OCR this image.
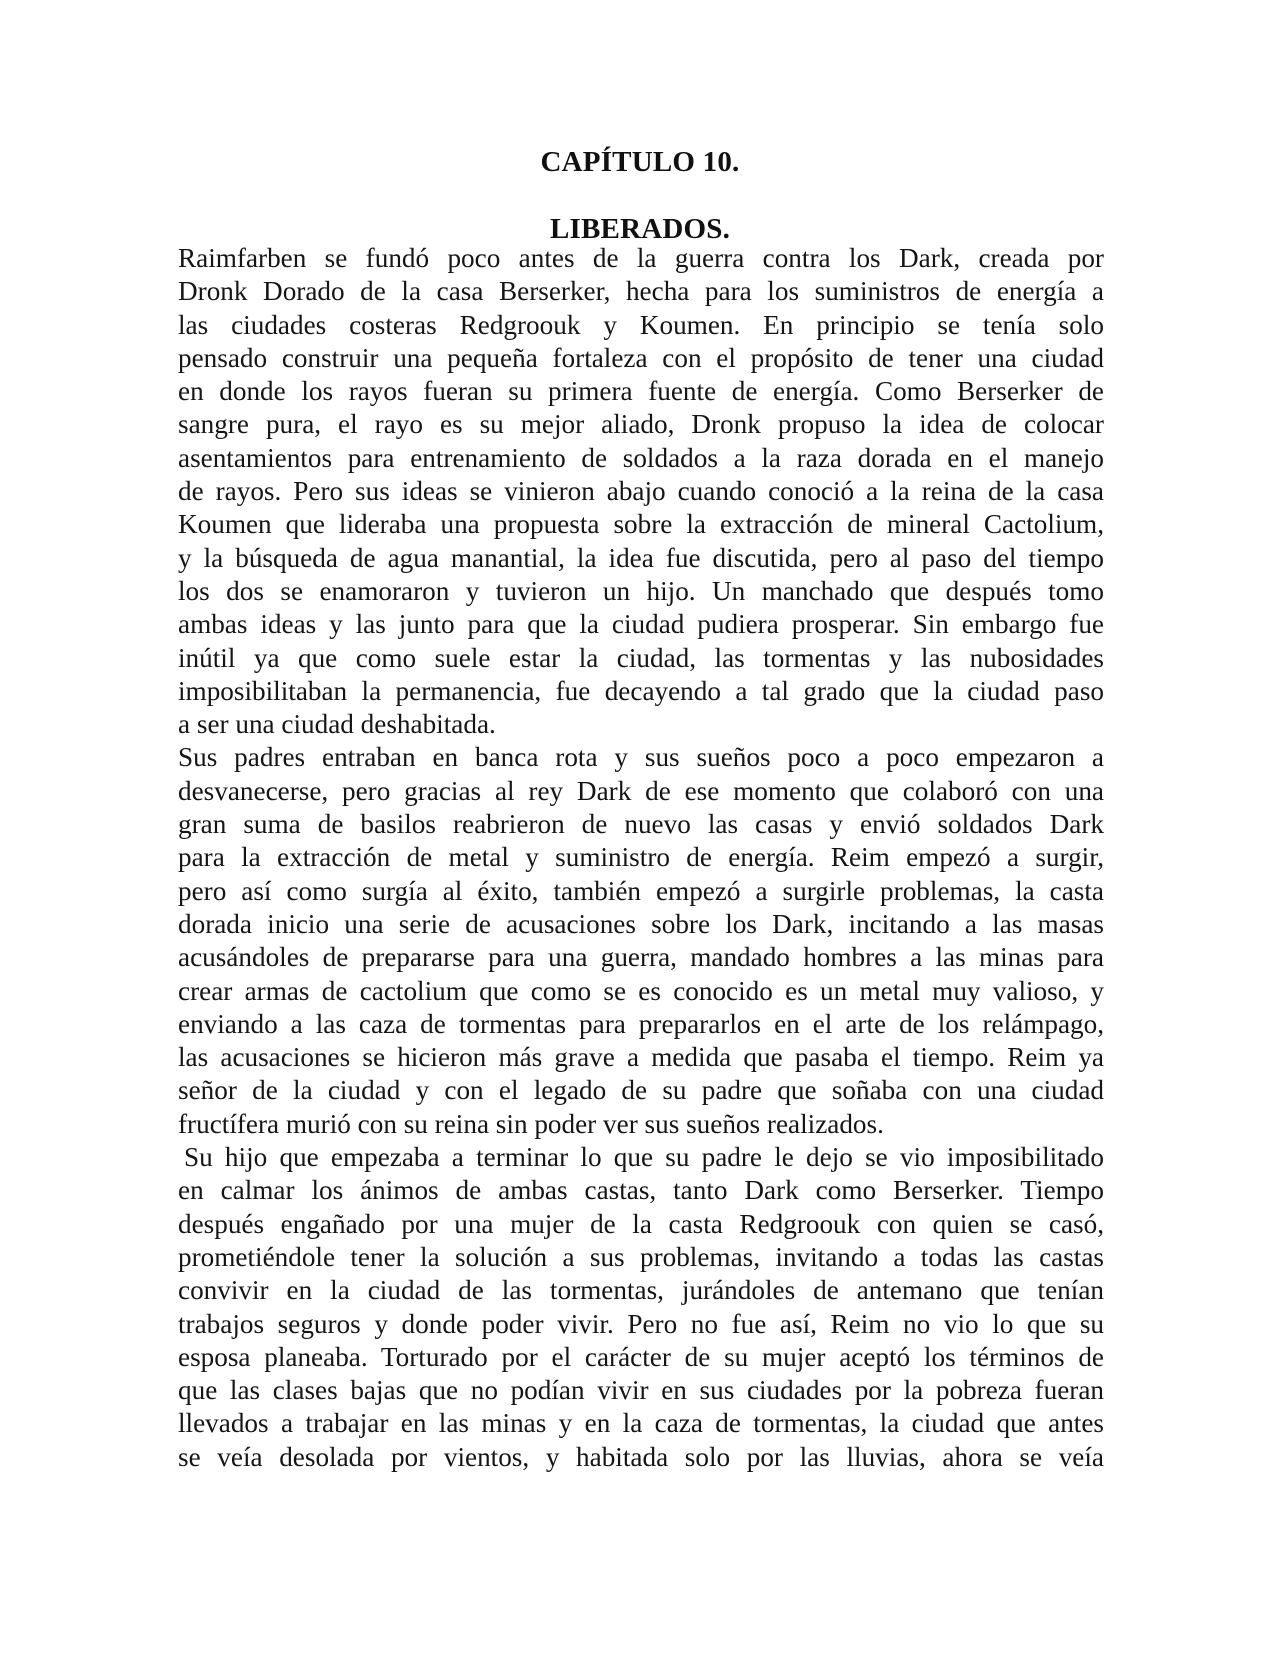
CAPÍTULO 10.
LIBERADOS.
Raimfarben se fundó poco antes de la guerra contra los Dark, creada por
Dronk Dorado de la casa Berserker, hecha para los suministros de energía a
las ciudades costeras Redgroouk y Koumen. En principio se tenía solo
pensado construir una pequeña fortaleza con el propósito de tener una ciudad
en donde los rayos fueran su primera fuente de energía. Como Berserker de
sangre pura, el rayo es su mejor aliado, Dronk propuso la idea de colocar
asentamientos para entrenamiento de soldados a la raza dorada en el manejo
de rayos. Pero sus ideas se vinieron abajo cuando conoció a la reina de la casa
Koumen que lideraba una propuesta sobre la extracción de mineral Cactolium,
y la búsqueda de agua manantial, la idea fue discutida, pero al paso del tiempo
los dos se enamoraron y tuvieron un hijo. Un manchado que después tomo
ambas ideas y las junto para que la ciudad pudiera prosperar. Sin embargo fue
inútil ya que como suele estar la ciudad, las tormentas y las nubosidades
imposibilitaban la permanencia, fue decayendo a tal grado que la ciudad paso
a ser una ciudad deshabitada.
Sus padres entraban en banca rota y sus sueños poco a poco empezaron a
desvanecerse, pero gracias al rey Dark de ese momento que colaboró con una
gran suma de basilos reabrieron de nuevo las casas y envió soldados Dark
para la extracción de metal y suministro de energía. Reim empezó a surgir,
pero así como surgía al éxito, también empezó a surgirle problemas, la casta
dorada inicio una serie de acusaciones sobre los Dark, incitando a las masas
acusándoles de prepararse para una guerra, mandado hombres a las minas para
crear armas de cactolium que como se es conocido es un metal muy valioso, y
enviando a las caza de tormentas para prepararlos en el arte de los relámpago,
las acusaciones se hicieron más grave a medida que pasaba el tiempo. Reim ya
señor de la ciudad y con el legado de su padre que soñaba con una ciudad
fructífera murió con su reina sin poder ver sus sueños realizados.
Su hijo que empezaba a terminar lo que su padre le dejo se vio imposibilitado
en calmar los ánimos de ambas castas, tanto Dark como Berserker. Tiempo
después engañado por una mujer de la casta Redgroouk con quien se casó,
prometiéndole tener la solución a sus problemas, invitando a todas las castas
convivir en la ciudad de las tormentas, jurándoles de antemano que tenían
trabajos seguros y donde poder vivir. Pero no fue así, Reim no vio lo que su
esposa planeaba. Torturado por el carácter de su mujer aceptó los términos de
que las clases bajas que no podían vivir en sus ciudades por la pobreza fueran
llevados a trabajar en las minas y en la caza de tormentas, la ciudad que antes
se veía desolada por vientos, y habitada solo por las lluvias, ahora se veía
